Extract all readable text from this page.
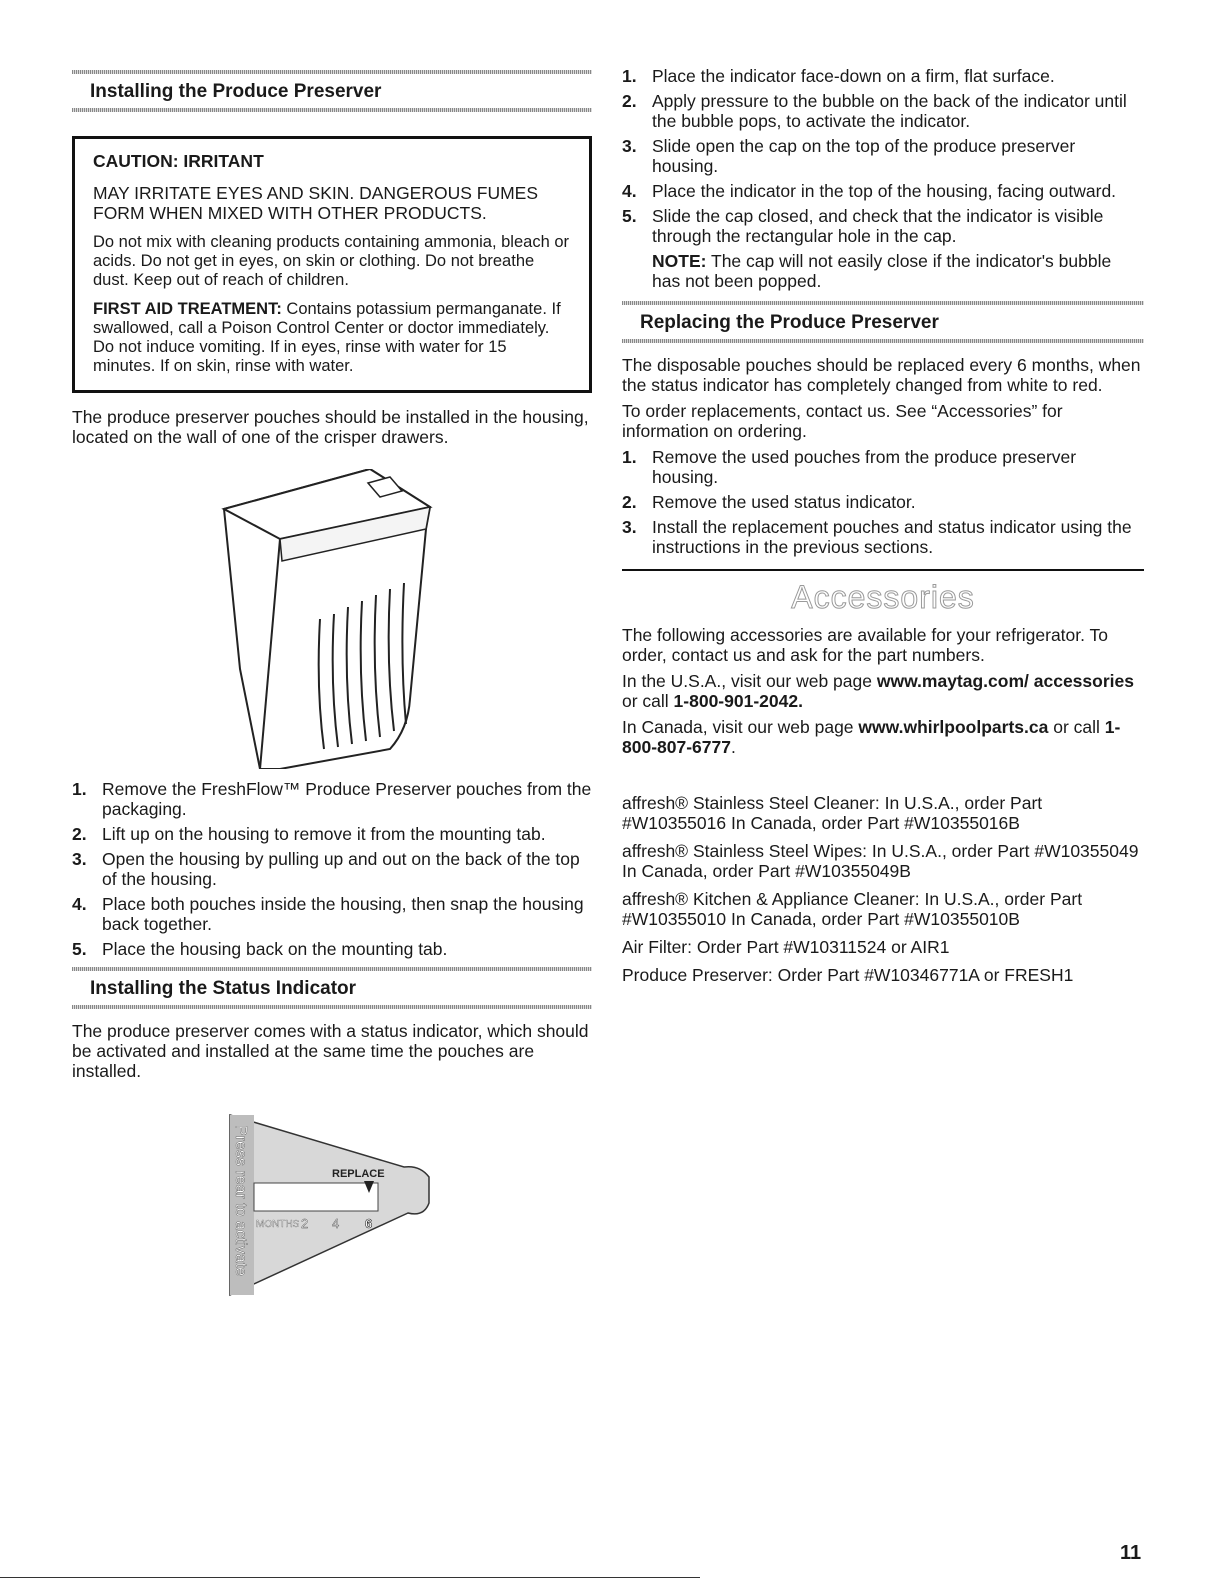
Installing the Produce Preserver
CAUTION: IRRITANT
MAY IRRITATE EYES AND SKIN. DANGEROUS FUMES FORM WHEN MIXED WITH OTHER PRODUCTS.

Do not mix with cleaning products containing ammonia, bleach or acids. Do not get in eyes, on skin or clothing. Do not breathe dust. Keep out of reach of children.

FIRST AID TREATMENT: Contains potassium permanganate. If swallowed, call a Poison Control Center or doctor immediately. Do not induce vomiting. If in eyes, rinse with water for 15 minutes. If on skin, rinse with water.

The produce preserver pouches should be installed in the housing, located on the wall of one of the crisper drawers.

1. Remove the FreshFlow™ Produce Preserver pouches from the packaging.
2. Lift up on the housing to remove it from the mounting tab.
3. Open the housing by pulling up and out on the back of the top of the housing.
4. Place both pouches inside the housing, then snap the housing back together.
5. Place the housing back on the mounting tab.
Installing the Status Indicator

The produce preserver comes with a status indicator, which should be activated and installed at the same time the pouches are installed.

Press rear to activate	REPLACE
MONTHS 2 4 6
1. Place the indicator face-down on a firm, flat surface.
2. Apply pressure to the bubble on the back of the indicator until the bubble pops, to activate the indicator.
3. Slide open the cap on the top of the produce preserver housing.
4. Place the indicator in the top of the housing, facing outward.
5. Slide the cap closed, and check that the indicator is visible through the rectangular hole in the cap.

NOTE: The cap will not easily close if the indicator's bubble has not been popped.

Replacing the Produce Preserver

The disposable pouches should be replaced every 6 months, when the status indicator has completely changed from white to red.

To order replacements, contact us. See “Accessories” for information on ordering.

1. Remove the used pouches from the produce preserver housing.
2. Remove the used status indicator.
3. Install the replacement pouches and status indicator using the instructions in the previous sections.
Accessories

The following accessories are available for your refrigerator. To order, contact us and ask for the part numbers.

In the U.S.A., visit our web page www.maytag.com/ accessories or call 1-800-901-2042.

In Canada, visit our web page www.whirlpoolparts.ca or call 1-800-807-6777.

affresh® Stainless Steel Cleaner: In U.S.A., order Part #W10355016 In Canada, order Part #W10355016B
affresh® Stainless Steel Wipes: In U.S.A., order Part #W10355049 In Canada, order Part #W10355049B
affresh® Kitchen & Appliance Cleaner: In U.S.A., order Part #W10355010 In Canada, order Part #W10355010B
Air Filter: Order Part #W10311524 or AIR1
Produce Preserver: Order Part #W10346771A or FRESH1
11
